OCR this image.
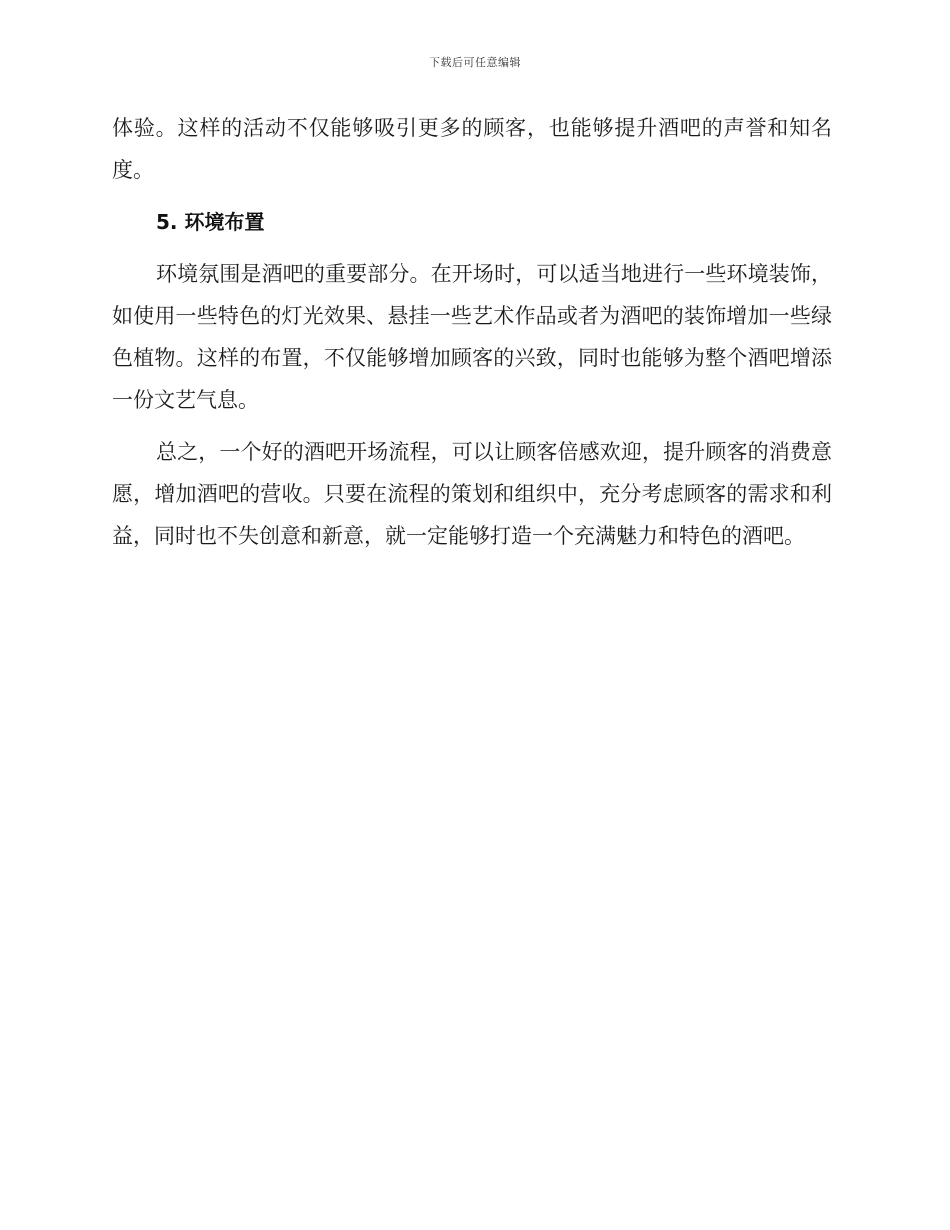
下载后可任意编辑

体验。这样的活动不仅能够吸引更多的顾客，也能够提升酒吧的声誉和知名度。

5. 环境布置

环境氛围是酒吧的重要部分。在开场时，可以适当地进行一些环境装饰，如使用一些特色的灯光效果、悬挂一些艺术作品或者为酒吧的装饰增加一些绿色植物。这样的布置，不仅能够增加顾客的兴致，同时也能够为整个酒吧增添一份文艺气息。

总之，一个好的酒吧开场流程，可以让顾客倍感欢迎，提升顾客的消费意愿，增加酒吧的营收。只要在流程的策划和组织中，充分考虑顾客的需求和利益，同时也不失创意和新意，就一定能够打造一个充满魅力和特色的酒吧。
